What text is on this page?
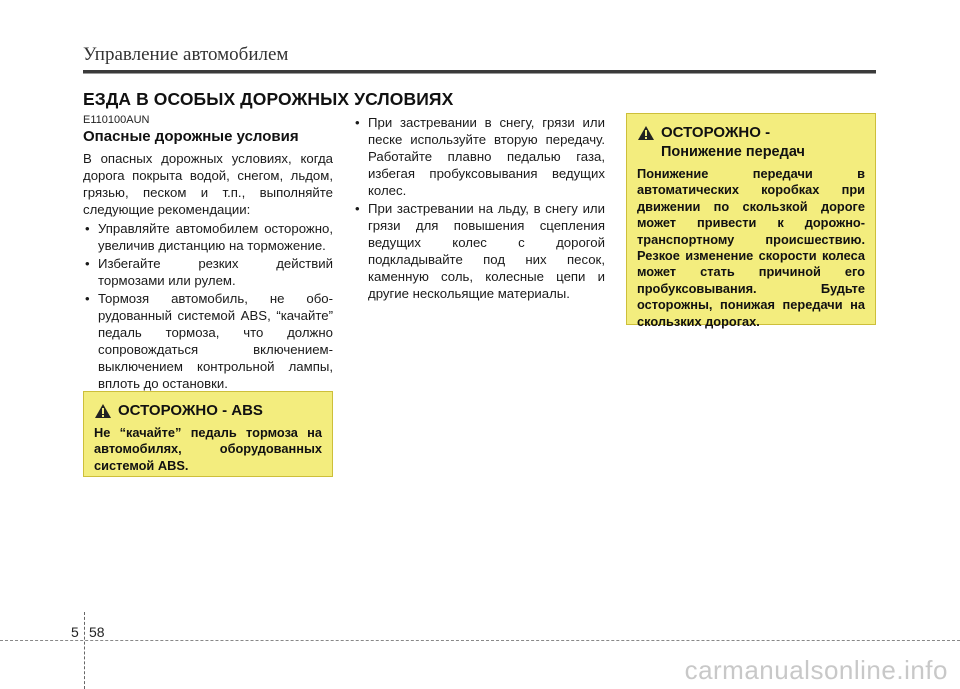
Управление автомобилем
ЕЗДА В ОСОБЫХ ДОРОЖНЫХ УСЛОВИЯХ
E110100AUN
Опасные дорожные условия
В опасных дорожных условиях, когда дорога покрыта водой, снегом, льдом, грязью, песком и т.п., выполняйте следующие рекомендации:
• Управляйте автомобилем осторожно, увеличив дистанцию на торможение.
• Избегайте резких действий тормозами или рулем.
• Тормозя автомобиль, не обо-рудованный системой ABS, “качайте” педаль тормоза, что должно сопровождаться включением-выключением контрольной лампы, вплоть до остановки.
• При застревании в снегу, грязи или песке используйте вторую передачу. Работайте плавно педалью газа, избегая пробуксовывания ведущих колес.
• При застревании на льду, в снегу или грязи для повышения сцепления ведущих колес с дорогой подкладывайте под них песок, каменную соль, колесные цепи и другие нескольящие материалы.
ОСТОРОЖНО - ABS
Не “качайте” педаль тормоза на автомобилях, оборудованных системой ABS.
ОСТОРОЖНО -
Понижение передач
Понижение передачи в автоматических коробках при движении по скользкой дороге может привести к дорожно-транспортному происшествию. Резкое изменение скорости колеса может стать причиной его пробуксовывания. Будьте осторожны, понижая передачи на скользких дорогах.
5 58
carmanualsonline.info
